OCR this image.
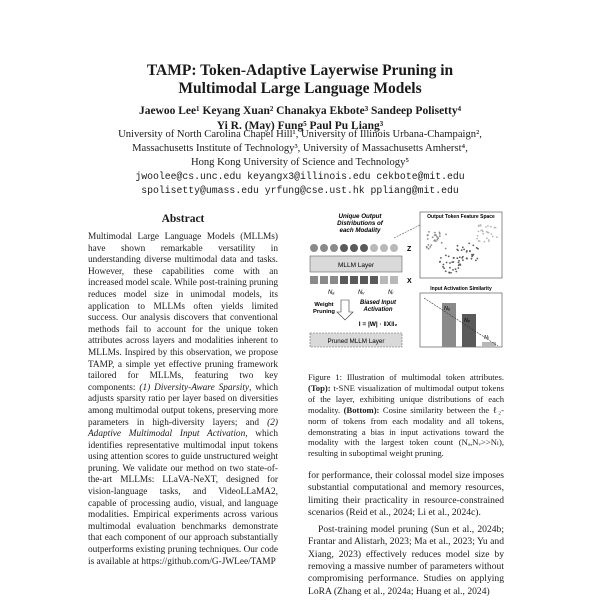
TAMP: Token-Adaptive Layerwise Pruning in
Multimodal Large Language Models
Jaewoo Lee¹ Keyang Xuan² Chanakya Ekbote³ Sandeep Polisetty⁴
Yi R. (May) Fung⁵ Paul Pu Liang³
University of North Carolina Chapel Hill¹, University of Illinois Urbana-Champaign²,
Massachusetts Institute of Technology³, University of Massachusetts Amherst⁴,
Hong Kong University of Science and Technology⁵
jwoolee@cs.unc.edu keyangx3@illinois.edu cekbote@mit.edu
spolisetty@umass.edu yrfung@cse.ust.hk ppliang@mit.edu
Abstract

Multimodal Large Language Models (MLLMs) have shown remarkable versatility in understanding diverse multimodal data and tasks. However, these capabilities come with an increased model scale. While post-training pruning reduces model size in unimodal models, its application to MLLMs often yields limited success. Our analysis discovers that conventional methods fail to account for the unique token attributes across layers and modalities inherent to MLLMs. Inspired by this observation, we propose TAMP, a simple yet effective pruning framework tailored for MLLMs, featuring two key components: (1) Diversity-Aware Sparsity, which adjusts sparsity ratio per layer based on diversities among multimodal output tokens, preserving more parameters in high-diversity layers; and (2) Adaptive Multimodal Input Activation, which identifies representative multimodal input tokens using attention scores to guide unstructured weight pruning. We validate our method on two state-of-the-art MLLMs: LLaVA-NeXT, designed for vision-language tasks, and VideoLLaMA2, capable of processing audio, visual, and language modalities. Empirical experiments across various multimodal evaluation benchmarks demonstrate that each component of our approach substantially outperforms existing pruning techniques. Our code is available at https://github.com/G-JWLee/TAMP

Unique Output Distributions of each Modality
Z
MLLM Layer
X
Nₐ	Nᵥ	Nₗ
Weight Pruning
Biased Input Activation
I = |W| · ‖X‖₂
Pruned MLLM Layer
Output Token Feature Space
Input Activation Similarity
Nₐ
Nᵥ
Nₗ
Figure 1: Illustration of multimodal token attributes. (Top): t-SNE visualization of multimodal output tokens of the layer, exhibiting unique distributions of each modality. (Bottom): Cosine similarity between the ℓ₂-norm of tokens from each modality and all tokens, demonstrating a bias in input activations toward the modality with the largest token count (Nₐ,Nᵥ>>Nₗ), resulting in suboptimal weight pruning.

for performance, their colossal model size imposes substantial computational and memory resources, limiting their practicality in resource-constrained scenarios (Reid et al., 2024; Li et al., 2024c).

Post-training model pruning (Sun et al., 2024b; Frantar and Alistarh, 2023; Ma et al., 2023; Yu and Xiang, 2023) effectively reduces model size by removing a massive number of parameters without compromising performance. Studies on applying LoRA (Zhang et al., 2024a; Huang et al., 2024)
